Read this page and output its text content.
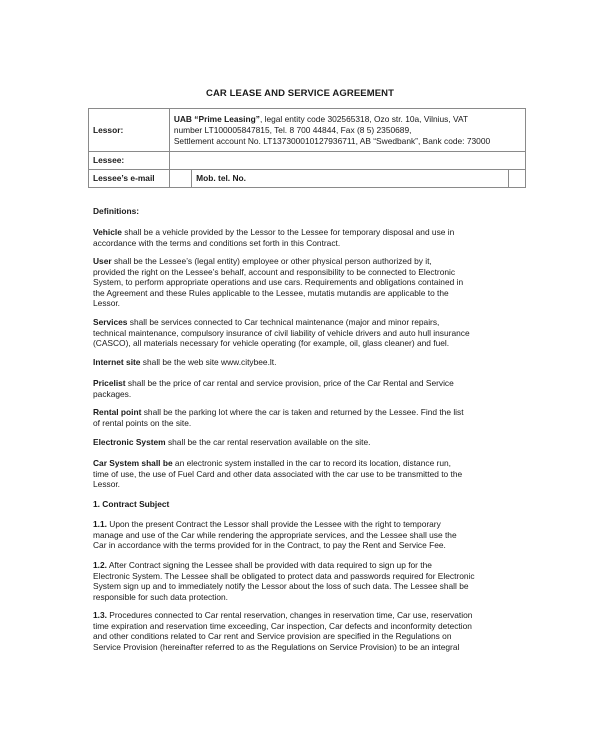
CAR LEASE AND SERVICE AGREEMENT
Lessor:	UAB “Prime Leasing”, legal entity code 302565318, Ozo str. 10a, Vilnius, VAT
number LT100005847815, Tel. 8 700 44844, Fax (8 5) 2350689,
Settlement account No. LT137300010127936711, AB “Swedbank”, Bank code: 73000		
Lessee:			
Lessee’s e-mail		Mob. tel. No.	

Definitions:

Vehicle shall be a vehicle provided by the Lessor to the Lessee for temporary disposal and use in
accordance with the terms and conditions set forth in this Contract.

User shall be the Lessee’s (legal entity) employee or other physical person authorized by it,
provided the right on the Lessee’s behalf, account and responsibility to be connected to Electronic
System, to perform appropriate operations and use cars. Requirements and obligations contained in
the Agreement and these Rules applicable to the Lessee, mutatis mutandis are applicable to the
Lessor.

Services shall be services connected to Car technical maintenance (major and minor repairs,
technical maintenance, compulsory insurance of civil liability of vehicle drivers and auto hull insurance
(CASCO), all materials necessary for vehicle operating (for example, oil, glass cleaner) and fuel.

Internet site shall be the web site www.citybee.lt.

Pricelist shall be the price of car rental and service provision, price of the Car Rental and Service
packages.

Rental point shall be the parking lot where the car is taken and returned by the Lessee. Find the list
of rental points on the site.

Electronic System shall be the car rental reservation available on the site.

Car System shall be an electronic system installed in the car to record its location, distance run,
time of use, the use of Fuel Card and other data associated with the car use to be transmitted to the
Lessor.

1. Contract Subject

1.1. Upon the present Contract the Lessor shall provide the Lessee with the right to temporary
manage and use of the Car while rendering the appropriate services, and the Lessee shall use the
Car in accordance with the terms provided for in the Contract, to pay the Rent and Service Fee.

1.2. After Contract signing the Lessee shall be provided with data required to sign up for the
Electronic System. The Lessee shall be obligated to protect data and passwords required for Electronic
System sign up and to immediately notify the Lessor about the loss of such data. The Lessee shall be
responsible for such data protection.

1.3. Procedures connected to Car rental reservation, changes in reservation time, Car use, reservation
time expiration and reservation time exceeding, Car inspection, Car defects and inconformity detection
and other conditions related to Car rent and Service provision are specified in the Regulations on
Service Provision (hereinafter referred to as the Regulations on Service Provision) to be an integral
